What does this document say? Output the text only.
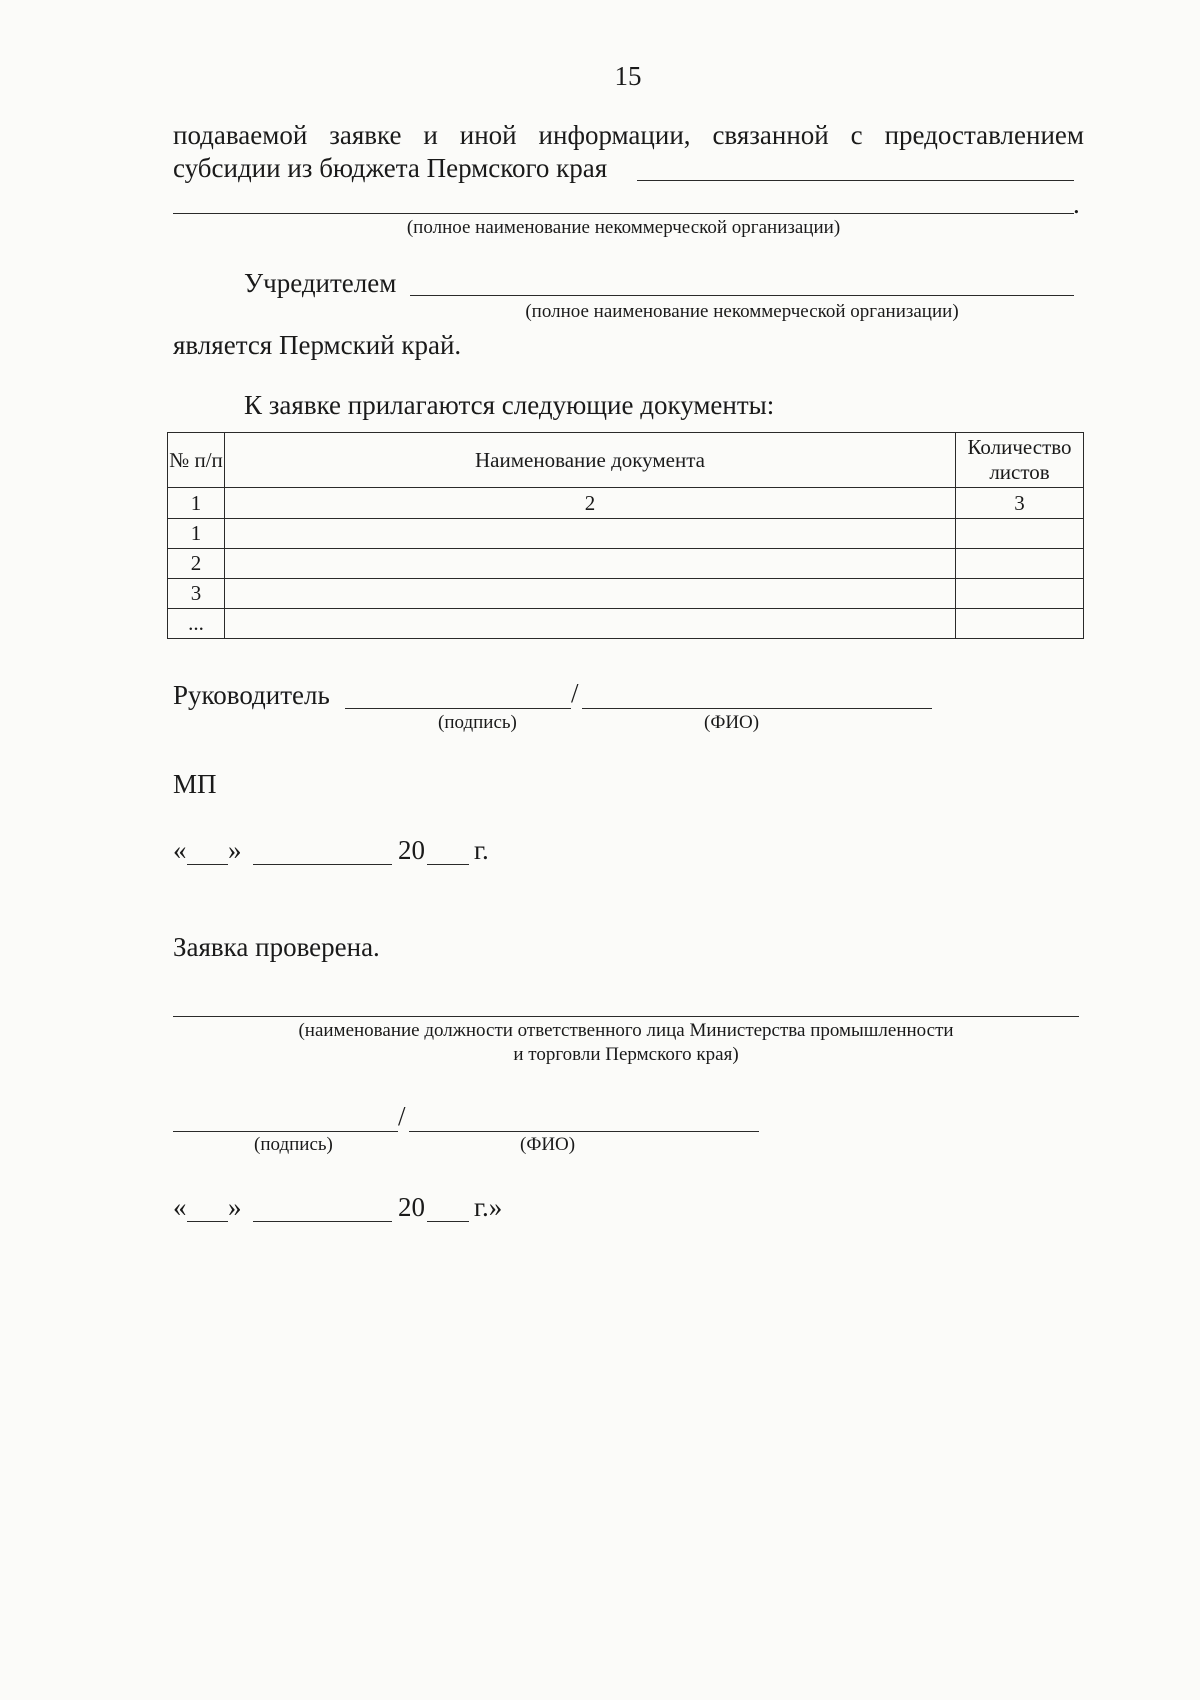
15
подаваемой заявке и иной информации, связанной с предоставлением
субсидии из бюджета Пермского края
.
(полное наименование некоммерческой организации)
Учредителем
(полное наименование некоммерческой организации)
является Пермский край.
К заявке прилагаются следующие документы:
№ п/п	Наименование документа	Количество листов
1	2	3
1		
2		
3		
...		
Руководитель	/
(подпись)	(ФИО)
МП
« »	20 г.
Заявка проверена.
(наименование должности ответственного лица Министерства промышленности
и торговли Пермского края)
/
(подпись)	(ФИО)
« »	20 г.»
